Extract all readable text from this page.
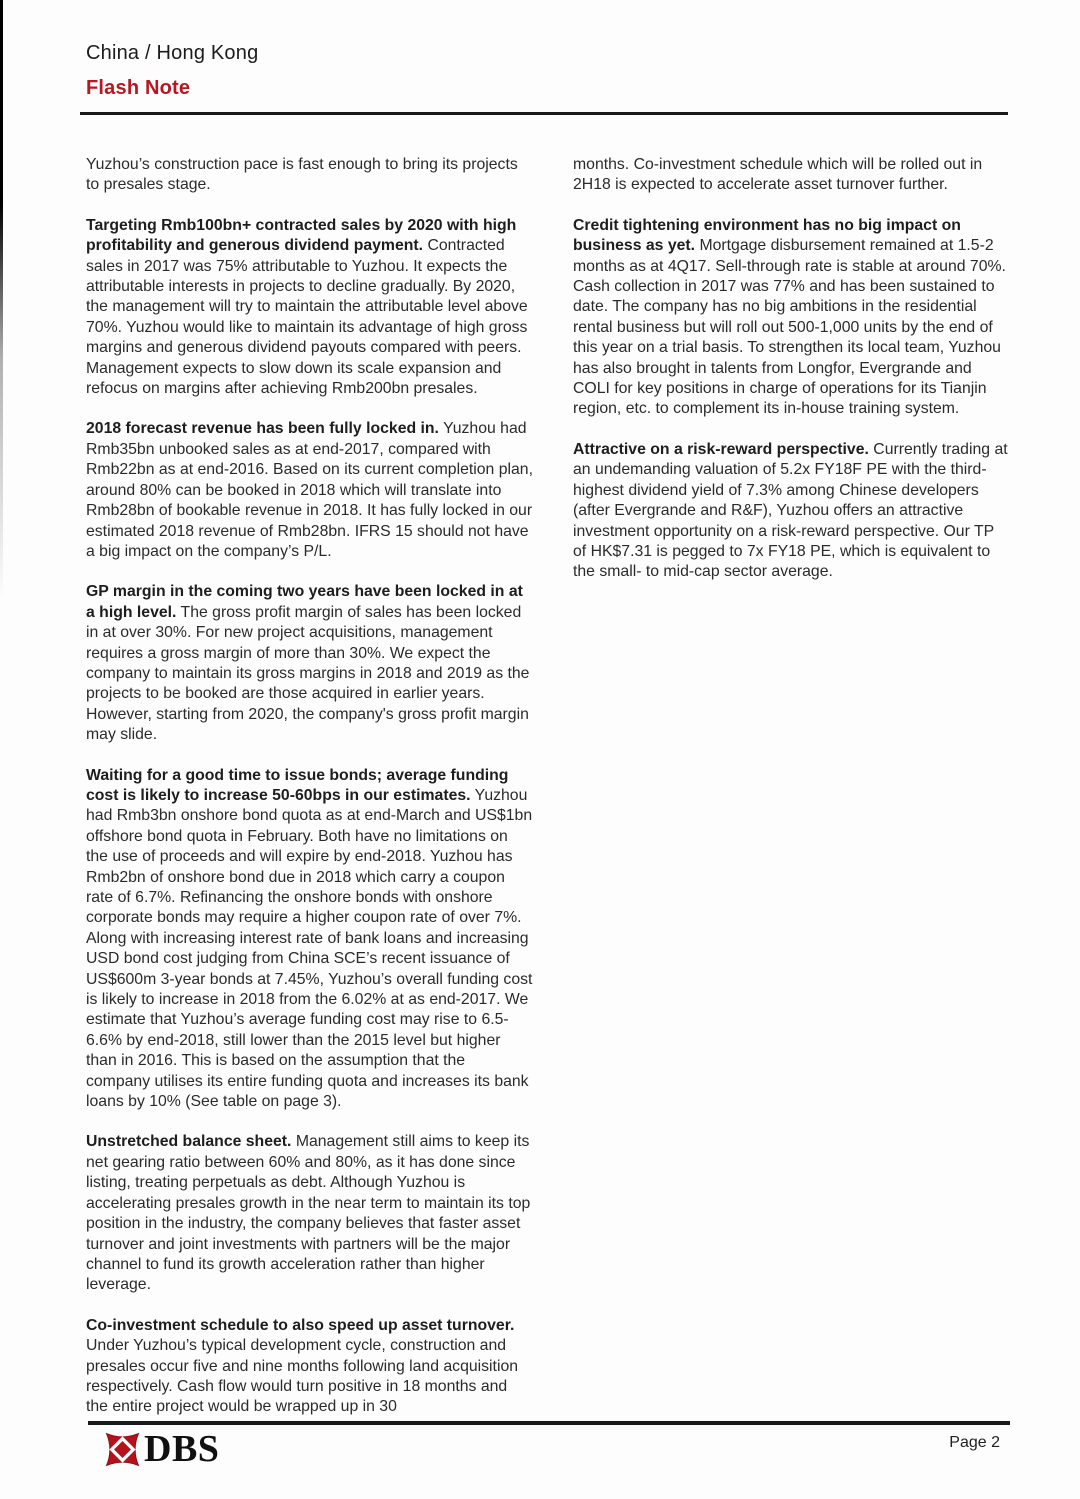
China / Hong Kong
Flash Note

Yuzhou’s construction pace is fast enough to bring its projects to presales stage.

Targeting Rmb100bn+ contracted sales by 2020 with high profitability and generous dividend payment. Contracted sales in 2017 was 75% attributable to Yuzhou. It expects the attributable interests in projects to decline gradually. By 2020, the management will try to maintain the attributable level above 70%. Yuzhou would like to maintain its advantage of high gross margins and generous dividend payouts compared with peers. Management expects to slow down its scale expansion and refocus on margins after achieving Rmb200bn presales.

2018 forecast revenue has been fully locked in. Yuzhou had Rmb35bn unbooked sales as at end-2017, compared with Rmb22bn as at end-2016. Based on its current completion plan, around 80% can be booked in 2018 which will translate into Rmb28bn of bookable revenue in 2018. It has fully locked in our estimated 2018 revenue of Rmb28bn. IFRS 15 should not have a big impact on the company’s P/L.

GP margin in the coming two years have been locked in at a high level. The gross profit margin of sales has been locked in at over 30%. For new project acquisitions, management requires a gross margin of more than 30%. We expect the company to maintain its gross margins in 2018 and 2019 as the projects to be booked are those acquired in earlier years. However, starting from 2020, the company's gross profit margin may slide.

Waiting for a good time to issue bonds; average funding cost is likely to increase 50-60bps in our estimates. Yuzhou had Rmb3bn onshore bond quota as at end-March and US$1bn offshore bond quota in February. Both have no limitations on the use of proceeds and will expire by end-2018. Yuzhou has Rmb2bn of onshore bond due in 2018 which carry a coupon rate of 6.7%. Refinancing the onshore bonds with onshore corporate bonds may require a higher coupon rate of over 7%. Along with increasing interest rate of bank loans and increasing USD bond cost judging from China SCE’s recent issuance of US$600m 3-year bonds at 7.45%, Yuzhou’s overall funding cost is likely to increase in 2018 from the 6.02% at as end-2017. We estimate that Yuzhou’s average funding cost may rise to 6.5-6.6% by end-2018, still lower than the 2015 level but higher than in 2016. This is based on the assumption that the company utilises its entire funding quota and increases its bank loans by 10% (See table on page 3).

Unstretched balance sheet. Management still aims to keep its net gearing ratio between 60% and 80%, as it has done since listing, treating perpetuals as debt. Although Yuzhou is accelerating presales growth in the near term to maintain its top position in the industry, the company believes that faster asset turnover and joint investments with partners will be the major channel to fund its growth acceleration rather than higher leverage.

Co-investment schedule to also speed up asset turnover. Under Yuzhou’s typical development cycle, construction and presales occur five and nine months following land acquisition respectively. Cash flow would turn positive in 18 months and the entire project would be wrapped up in 30

months. Co-investment schedule which will be rolled out in 2H18 is expected to accelerate asset turnover further.

Credit tightening environment has no big impact on business as yet. Mortgage disbursement remained at 1.5-2 months as at 4Q17. Sell-through rate is stable at around 70%. Cash collection in 2017 was 77% and has been sustained to date. The company has no big ambitions in the residential rental business but will roll out 500-1,000 units by the end of this year on a trial basis. To strengthen its local team, Yuzhou has also brought in talents from Longfor, Evergrande and COLI for key positions in charge of operations for its Tianjin region, etc. to complement its in-house training system.

Attractive on a risk-reward perspective. Currently trading at an undemanding valuation of 5.2x FY18F PE with the third-highest dividend yield of 7.3% among Chinese developers (after Evergrande and R&F), Yuzhou offers an attractive investment opportunity on a risk-reward perspective. Our TP of HK$7.31 is pegged to 7x FY18 PE, which is equivalent to the small- to mid-cap sector average.

DBS	Page 2
